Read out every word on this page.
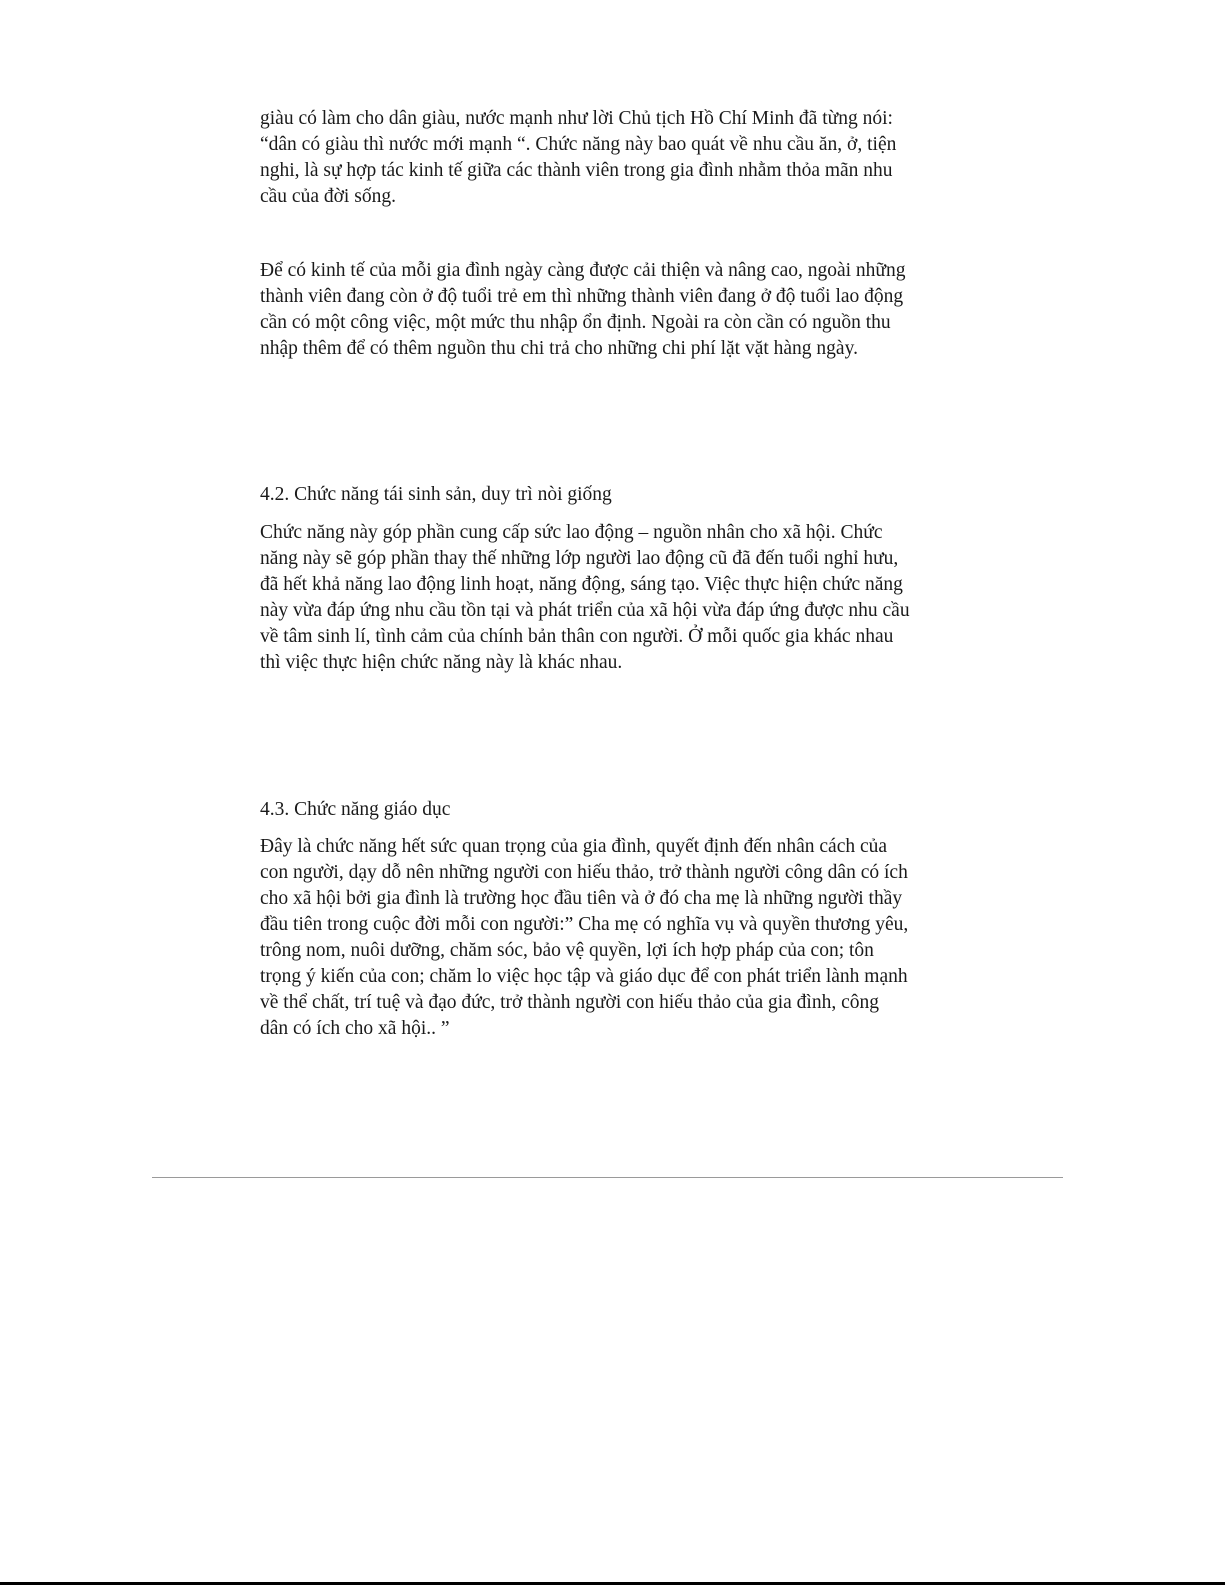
giàu có làm cho dân giàu, nước mạnh như lời Chủ tịch Hồ Chí Minh đã từng nói:
“dân có giàu thì nước mới mạnh “. Chức năng này bao quát về nhu cầu ăn, ở, tiện
nghi, là sự hợp tác kinh tế giữa các thành viên trong gia đình nhằm thỏa mãn nhu
cầu của đời sống.

Để có kinh tế của mỗi gia đình ngày càng được cải thiện và nâng cao, ngoài những
thành viên đang còn ở độ tuổi trẻ em thì những thành viên đang ở độ tuổi lao động
cần có một công việc, một mức thu nhập ổn định. Ngoài ra còn cần có nguồn thu
nhập thêm để có thêm nguồn thu chi trả cho những chi phí lặt vặt hàng ngày.

4.2. Chức năng tái sinh sản, duy trì nòi giống

Chức năng này góp phần cung cấp sức lao động – nguồn nhân cho xã hội. Chức
năng này sẽ góp phần thay thế những lớp người lao động cũ đã đến tuổi nghỉ hưu,
đã hết khả năng lao động linh hoạt, năng động, sáng tạo. Việc thực hiện chức năng
này vừa đáp ứng nhu cầu tồn tại và phát triển của xã hội vừa đáp ứng được nhu cầu
về tâm sinh lí, tình cảm của chính bản thân con người. Ở mỗi quốc gia khác nhau
thì việc thực hiện chức năng này là khác nhau.

4.3. Chức năng giáo dục

Đây là chức năng hết sức quan trọng của gia đình, quyết định đến nhân cách của
con người, dạy dỗ nên những người con hiếu thảo, trở thành người công dân có ích
cho xã hội bởi gia đình là trường học đầu tiên và ở đó cha mẹ là những người thầy
đầu tiên trong cuộc đời mỗi con người:” Cha mẹ có nghĩa vụ và quyền thương yêu,
trông nom, nuôi dưỡng, chăm sóc, bảo vệ quyền, lợi ích hợp pháp của con; tôn
trọng ý kiến của con; chăm lo việc học tập và giáo dục để con phát triển lành mạnh
về thể chất, trí tuệ và đạo đức, trở thành người con hiếu thảo của gia đình, công
dân có ích cho xã hội.. ”
